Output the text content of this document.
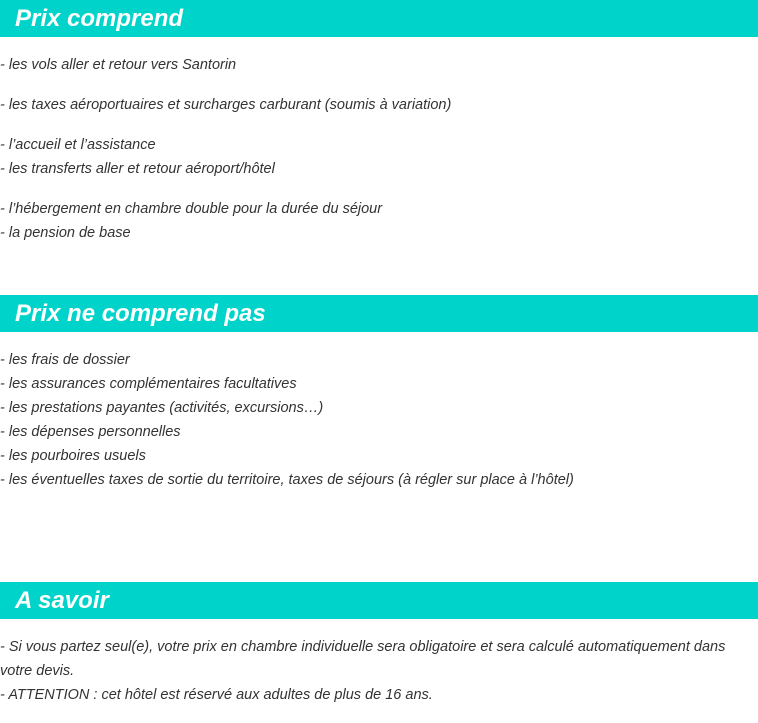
Prix comprend
- les vols aller et retour vers Santorin
- les taxes aéroportuaires et surcharges carburant (soumis à variation)
- l’accueil et l’assistance
- les transferts aller et retour aéroport/hôtel
- l’hébergement en chambre double pour la durée du séjour
- la pension de base
Prix ne comprend pas
- les frais de dossier
- les assurances complémentaires facultatives
- les prestations payantes (activités, excursions…)
- les dépenses personnelles
- les pourboires usuels
- les éventuelles taxes de sortie du territoire, taxes de séjours (à régler sur place à l’hôtel)
A savoir
- Si vous partez seul(e), votre prix en chambre individuelle sera obligatoire et sera calculé automatiquement dans votre devis.
- ATTENTION : cet hôtel est réservé aux adultes de plus de 16 ans.
